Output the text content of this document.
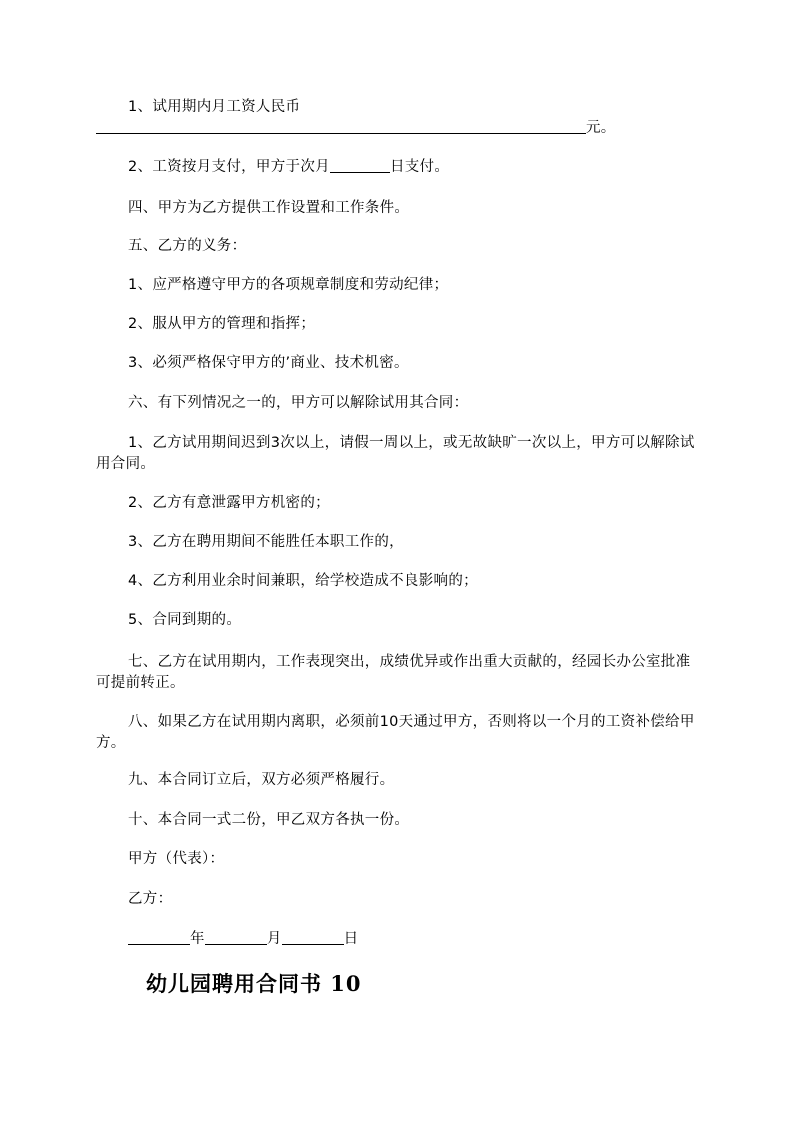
1、试用期内月工资人民币

元。

2、工资按月支付，甲方于次月	日支付。

四、甲方为乙方提供工作设置和工作条件。

五、乙方的义务：

1、应严格遵守甲方的各项规章制度和劳动纪律；

2、服从甲方的管理和指挥；

3、必须严格保守甲方的’商业、技术机密。

六、有下列情况之一的，甲方可以解除试用其合同：

1、乙方试用期间迟到3次以上，请假一周以上，或无故缺旷一次以上，甲方可以解除试用合同。

2、乙方有意泄露甲方机密的；

3、乙方在聘用期间不能胜任本职工作的，

4、乙方利用业余时间兼职，给学校造成不良影响的；

5、合同到期的。

七、乙方在试用期内，工作表现突出，成绩优异或作出重大贡献的，经园长办公室批准可提前转正。

八、如果乙方在试用期内离职，必须前10天通过甲方，否则将以一个月的工资补偿给甲方。

九、本合同订立后，双方必须严格履行。

十、本合同一式二份，甲乙双方各执一份。

甲方（代表）：

乙方：

年	月	日

幼儿园聘用合同书 10
